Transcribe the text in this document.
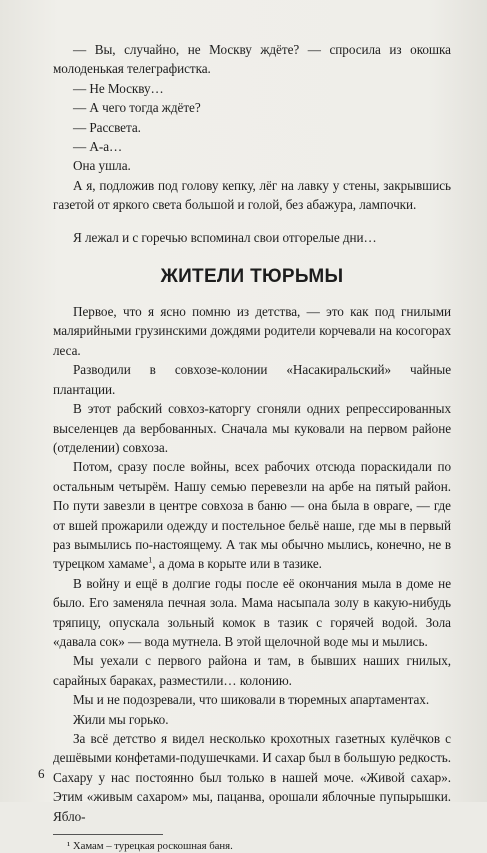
— Вы, случайно, не Москву ждёте? — спросила из окошка молоденькая телеграфистка.

— Не Москву…

— А чего тогда ждёте?

— Рассвета.

— А-а…

Она ушла.

А я, подложив под голову кепку, лёг на лавку у стены, закрывшись газетой от яркого света большой и голой, без абажура, лампочки.

Я лежал и с горечью вспоминал свои отгорелые дни…

ЖИТЕЛИ ТЮРЬМЫ

Первое, что я ясно помню из детства, — это как под гнилыми малярийными грузинскими дождями родители корчевали на косогорах леса.

Разводили в совхозе-колонии «Насакиральский» чайные плантации.

В этот рабский совхоз-каторгу сгоняли одних репрессированных выселенцев да вербованных. Сначала мы куковали на первом районе (отделении) совхоза.

Потом, сразу после войны, всех рабочих отсюда пораскидали по остальным четырём. Нашу семью перевезли на арбе на пятый район. По пути завезли в центре совхоза в баню — она была в овраге, — где от вшей прожарили одежду и постельное бельё наше, где мы в первый раз вымылись по-настоящему. А так мы обычно мылись, конечно, не в турецком хамаме$^1$, а дома в корыте или в тазике.

В войну и ещё в долгие годы после её окончания мыла в доме не было. Его заменяла печная зола. Мама насыпала золу в какую-нибудь тряпицу, опускала зольный комок в тазик с горячей водой. Зола «давала сок» — вода мутнела. В этой щелочной воде мы и мылись.

Мы уехали с первого района и там, в бывших наших гнилых, сарайных бараках, разместили… колонию.

Мы и не подозревали, что шиковали в тюремных апартаментах.

Жили мы горько.

За всё детство я видел несколько крохотных газетных кулёчков с дешёвыми конфетами-подушечками. И сахар был в большую редкость. Сахару у нас постоянно был только в нашей моче. «Живой сахар». Этим «живым сахаром» мы, пацанва, орошали яблочные пупырышки. Ябло-

¹ Хамам – турецкая роскошная баня.

6
